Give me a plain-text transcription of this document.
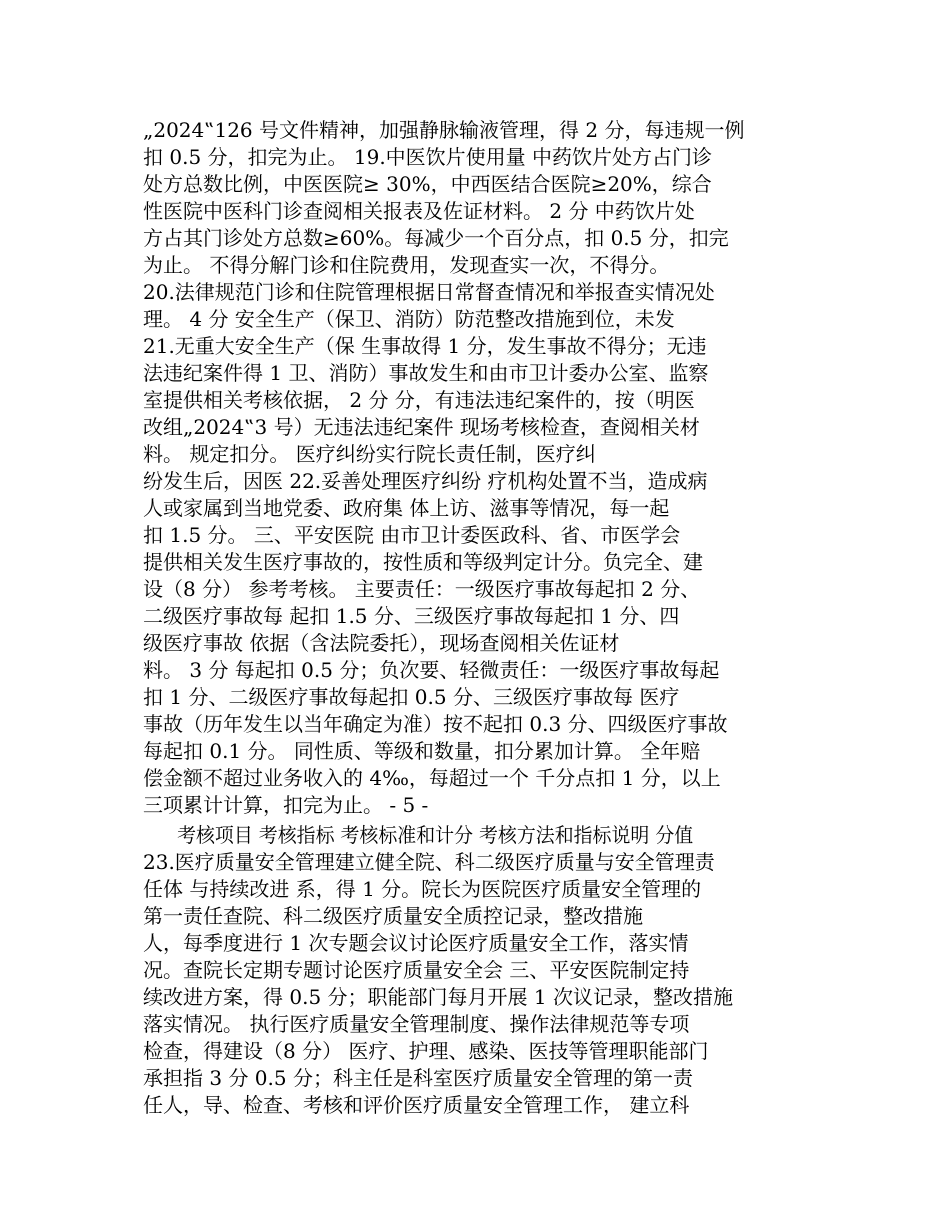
„2024‟126 号文件精神，加强静脉输液管理，得 2 分，每违规一例
扣 0.5 分，扣完为止。 19.中医饮片使用量 中药饮片处方占门诊
处方总数比例，中医医院≥ 30%，中西医结合医院≥20%，综合
性医院中医科门诊查阅相关报表及佐证材料。 2 分 中药饮片处
方占其门诊处方总数≥60%。每减少一个百分点，扣 0.5 分，扣完
为止。 不得分解门诊和住院费用，发现查实一次，不得分。
20.法律规范门诊和住院管理根据日常督查情况和举报查实情况处
理。 4 分 安全生产（保卫、消防）防范整改措施到位，未发
21.无重大安全生产（保 生事故得 1 分，发生事故不得分；无违
法违纪案件得 1 卫、消防）事故发生和由市卫计委办公室、监察
室提供相关考核依据， 2 分 分，有违法违纪案件的，按（明医
改组„2024‟3 号）无违法违纪案件 现场考核检查，查阅相关材
料。 规定扣分。 医疗纠纷实行院长责任制，医疗纠
纷发生后，因医 22.妥善处理医疗纠纷 疗机构处置不当，造成病
人或家属到当地党委、政府集 体上访、滋事等情况，每一起
扣 1.5 分。 三、平安医院 由市卫计委医政科、省、市医学会
提供相关发生医疗事故的，按性质和等级判定计分。负完全、建
设（8 分） 参考考核。 主要责任：一级医疗事故每起扣 2 分、
二级医疗事故每 起扣 1.5 分、三级医疗事故每起扣 1 分、四
级医疗事故 依据（含法院委托），现场查阅相关佐证材
料。 3 分 每起扣 0.5 分；负次要、轻微责任：一级医疗事故每起
扣 1 分、二级医疗事故每起扣 0.5 分、三级医疗事故每 医疗
事故（历年发生以当年确定为准）按不起扣 0.3 分、四级医疗事故
每起扣 0.1 分。 同性质、等级和数量，扣分累加计算。 全年赔
偿金额不超过业务收入的 4‰，每超过一个 千分点扣 1 分，以上
三项累计计算，扣完为止。 - 5 -
考核项目 考核指标 考核标准和计分 考核方法和指标说明 分值
23.医疗质量安全管理建立健全院、科二级医疗质量与安全管理责
任体 与持续改进 系，得 1 分。院长为医院医疗质量安全管理的
第一责任查院、科二级医疗质量安全质控记录，整改措施
人，每季度进行 1 次专题会议讨论医疗质量安全工作，落实情
况。查院长定期专题讨论医疗质量安全会 三、平安医院制定持
续改进方案，得 0.5 分；职能部门每月开展 1 次议记录，整改措施
落实情况。 执行医疗质量安全管理制度、操作法律规范等专项
检查，得建设（8 分） 医疗、护理、感染、医技等管理职能部门
承担指 3 分 0.5 分；科主任是科室医疗质量安全管理的第一责
任人，导、检查、考核和评价医疗质量安全管理工作， 建立科
